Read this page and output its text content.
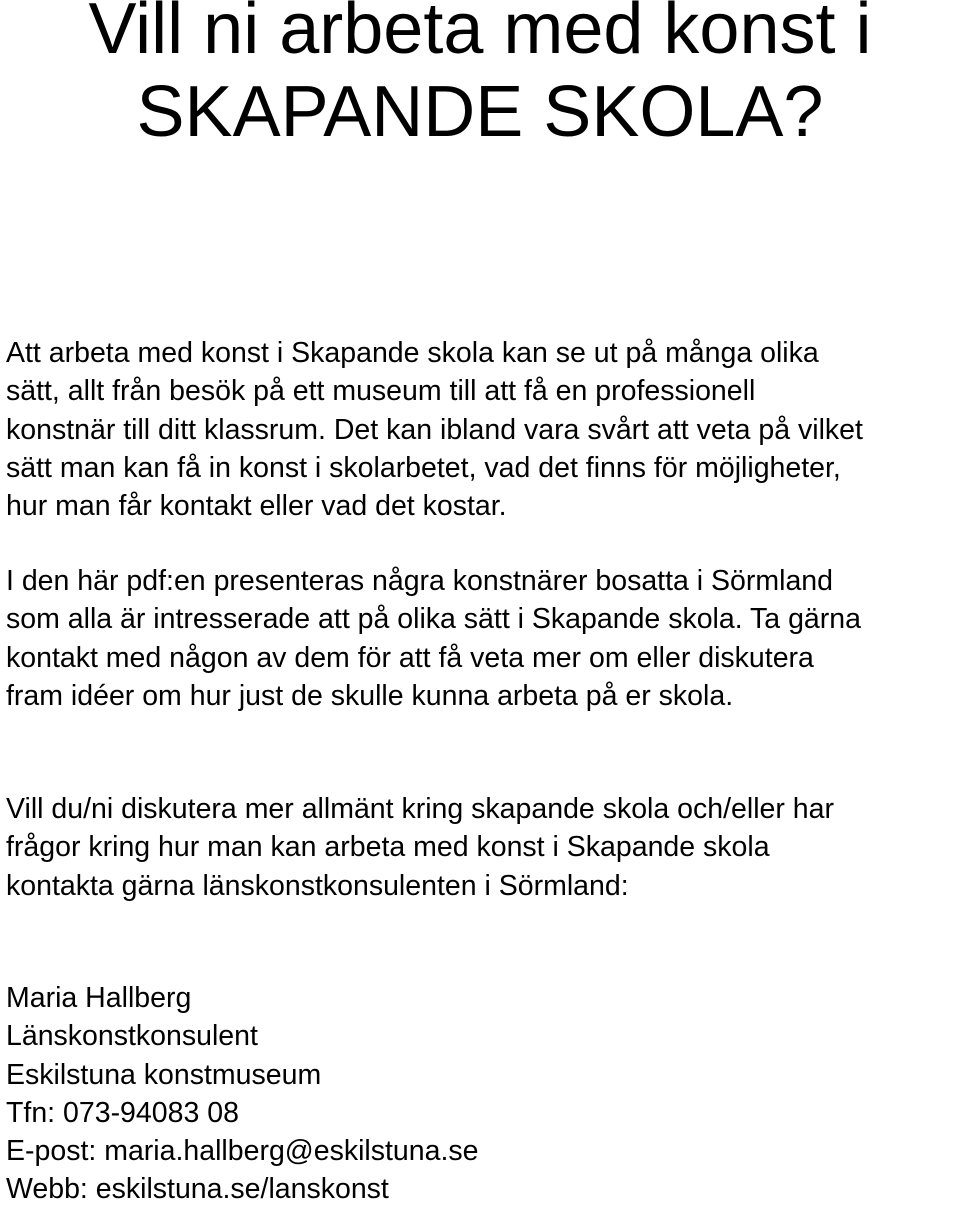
Vill ni arbeta med konst i
SKAPANDE SKOLA?

Att arbeta med konst i Skapande skola kan se ut på många olika
sätt, allt från besök på ett museum till att få en professionell
konstnär till ditt klassrum. Det kan ibland vara svårt att veta på vilket
sätt man kan få in konst i skolarbetet, vad det finns för möjligheter,
hur man får kontakt eller vad det kostar.

I den här pdf:en presenteras några konstnärer bosatta i Sörmland
som alla är intresserade att på olika sätt i Skapande skola. Ta gärna
kontakt med någon av dem för att få veta mer om eller diskutera
fram idéer om hur just de skulle kunna arbeta på er skola.

Vill du/ni diskutera mer allmänt kring skapande skola och/eller har
frågor kring hur man kan arbeta med konst i Skapande skola
kontakta gärna länskonstkonsulenten i Sörmland:

Maria Hallberg
Länskonstkonsulent
Eskilstuna konstmuseum
Tfn: 073-94083 08
E-post: maria.hallberg@eskilstuna.se
Webb: eskilstuna.se/lanskonst
